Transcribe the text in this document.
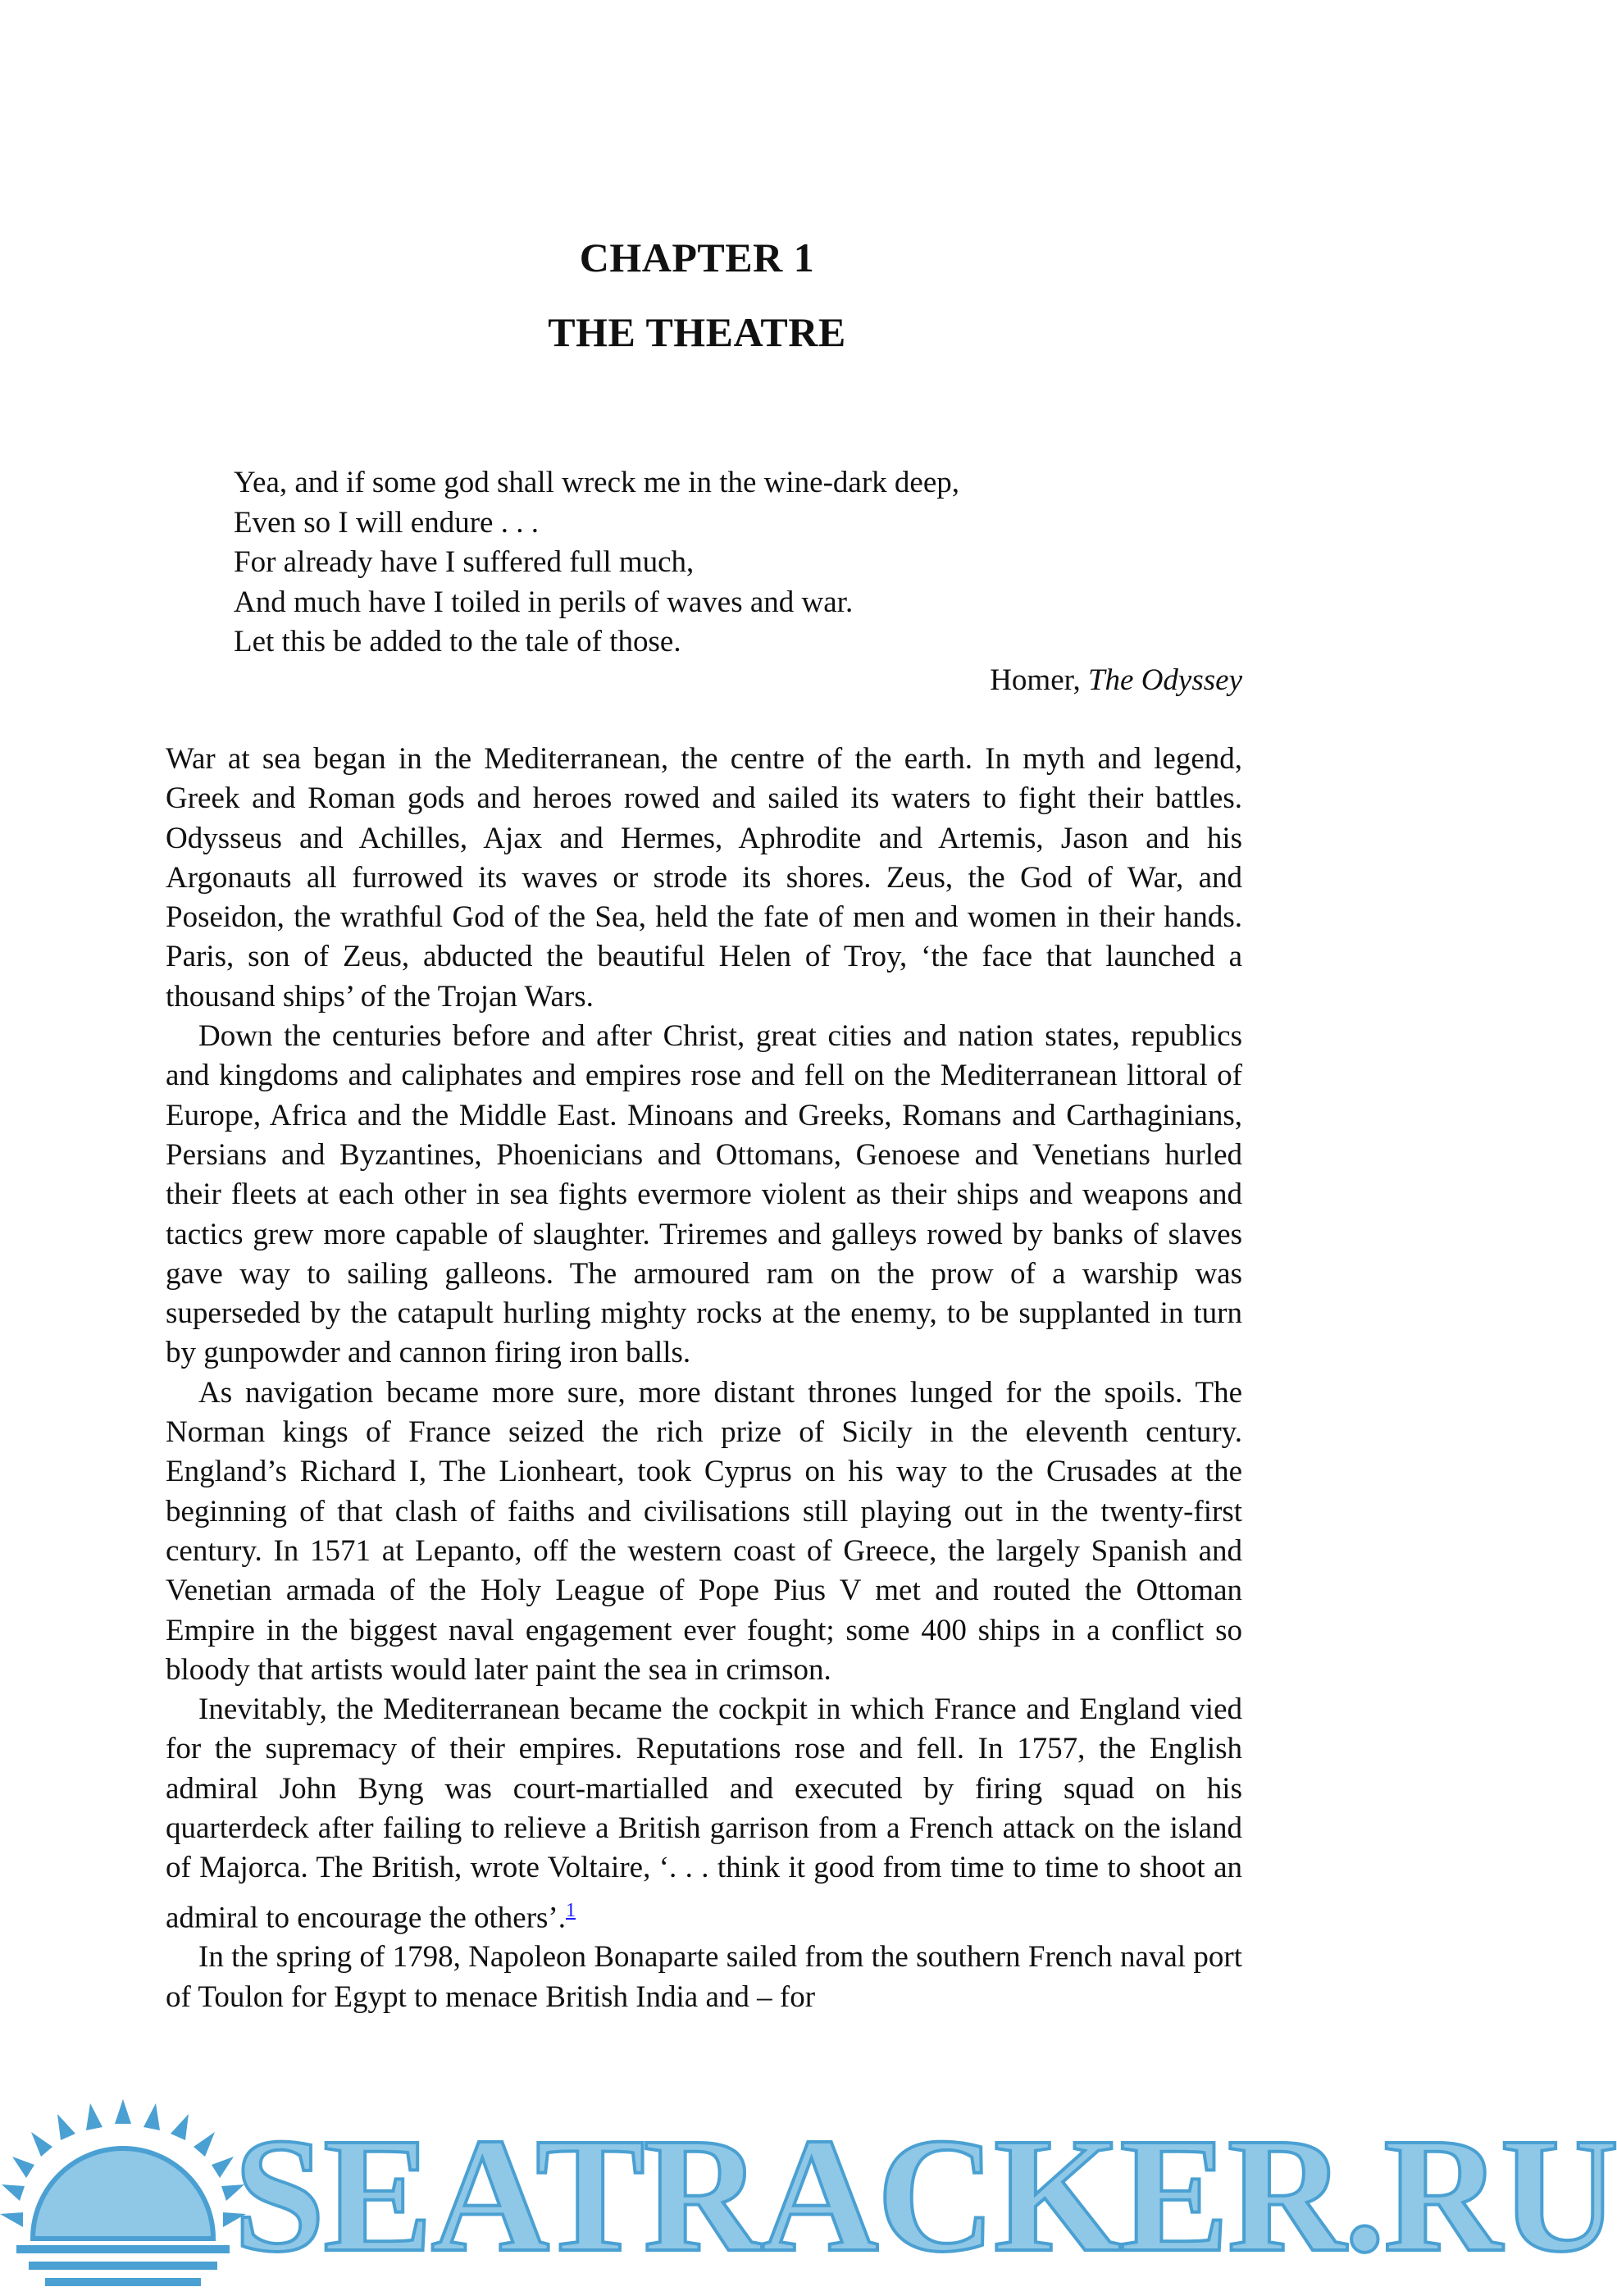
CHAPTER 1
THE THEATRE
Yea, and if some god shall wreck me in the wine-dark deep,
Even so I will endure . . .
For already have I suffered full much,
And much have I toiled in perils of waves and war.
Let this be added to the tale of those.
Homer, The Odyssey

War at sea began in the Mediterranean, the centre of the earth. In myth and legend, Greek and Roman gods and heroes rowed and sailed its waters to fight their battles. Odysseus and Achilles, Ajax and Hermes, Aphrodite and Artemis, Jason and his Argonauts all furrowed its waves or strode its shores. Zeus, the God of War, and Poseidon, the wrathful God of the Sea, held the fate of men and women in their hands. Paris, son of Zeus, abducted the beautiful Helen of Troy, ‘the face that launched a thousand ships’ of the Trojan Wars.

Down the centuries before and after Christ, great cities and nation states, republics and kingdoms and caliphates and empires rose and fell on the Mediterranean littoral of Europe, Africa and the Middle East. Minoans and Greeks, Romans and Carthaginians, Persians and Byzantines, Phoenicians and Ottomans, Genoese and Venetians hurled their fleets at each other in sea fights evermore violent as their ships and weapons and tactics grew more capable of slaughter. Triremes and galleys rowed by banks of slaves gave way to sailing galleons. The armoured ram on the prow of a warship was superseded by the catapult hurling mighty rocks at the enemy, to be supplanted in turn by gunpowder and cannon firing iron balls.

As navigation became more sure, more distant thrones lunged for the spoils. The Norman kings of France seized the rich prize of Sicily in the eleventh century. England’s Richard I, The Lionheart, took Cyprus on his way to the Crusades at the beginning of that clash of faiths and civilisations still playing out in the twenty-first century. In 1571 at Lepanto, off the western coast of Greece, the largely Spanish and Venetian armada of the Holy League of Pope Pius V met and routed the Ottoman Empire in the biggest naval engagement ever fought; some 400 ships in a conflict so bloody that artists would later paint the sea in crimson.

Inevitably, the Mediterranean became the cockpit in which France and England vied for the supremacy of their empires. Reputations rose and fell. In 1757, the English admiral John Byng was court-martialled and executed by firing squad on his quarterdeck after failing to relieve a British garrison from a French attack on the island of Majorca. The British, wrote Voltaire, ‘. . . think it good from time to time to shoot an admiral to encourage the others’.$^1$

In the spring of 1798, Napoleon Bonaparte sailed from the southern French naval port of Toulon for Egypt to menace British India and – for

SEATRACKER.RU
